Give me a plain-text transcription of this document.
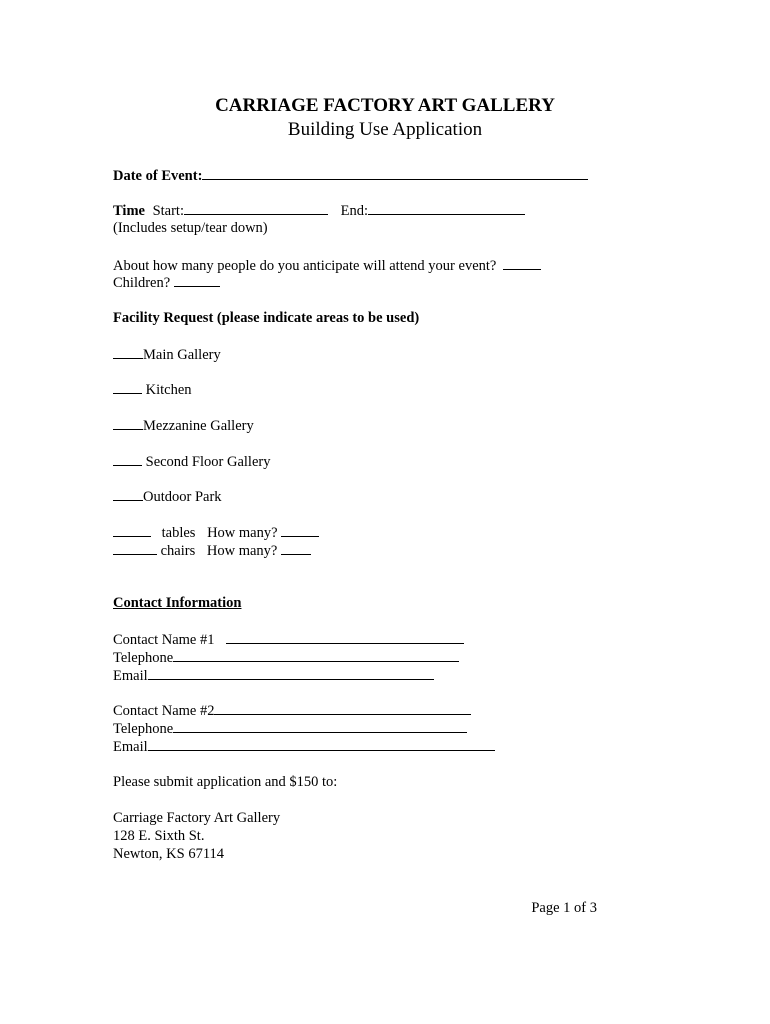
CARRIAGE FACTORY ART GALLERY
Building Use Application
Date of Event:
Time Start:	End:
(Includes setup/tear down)
About how many people do you anticipate will attend your event?
Children?
Facility Request (please indicate areas to be used)
Main Gallery
Kitchen
Mezzanine Gallery
Second Floor Gallery
Outdoor Park
tables How many?
chairs How many?
Contact Information
Contact Name #1
Telephone
Email
Contact Name #2
Telephone
Email
Please submit application and $150 to:
Carriage Factory Art Gallery
128 E. Sixth St.
Newton, KS 67114
Page 1 of 3
